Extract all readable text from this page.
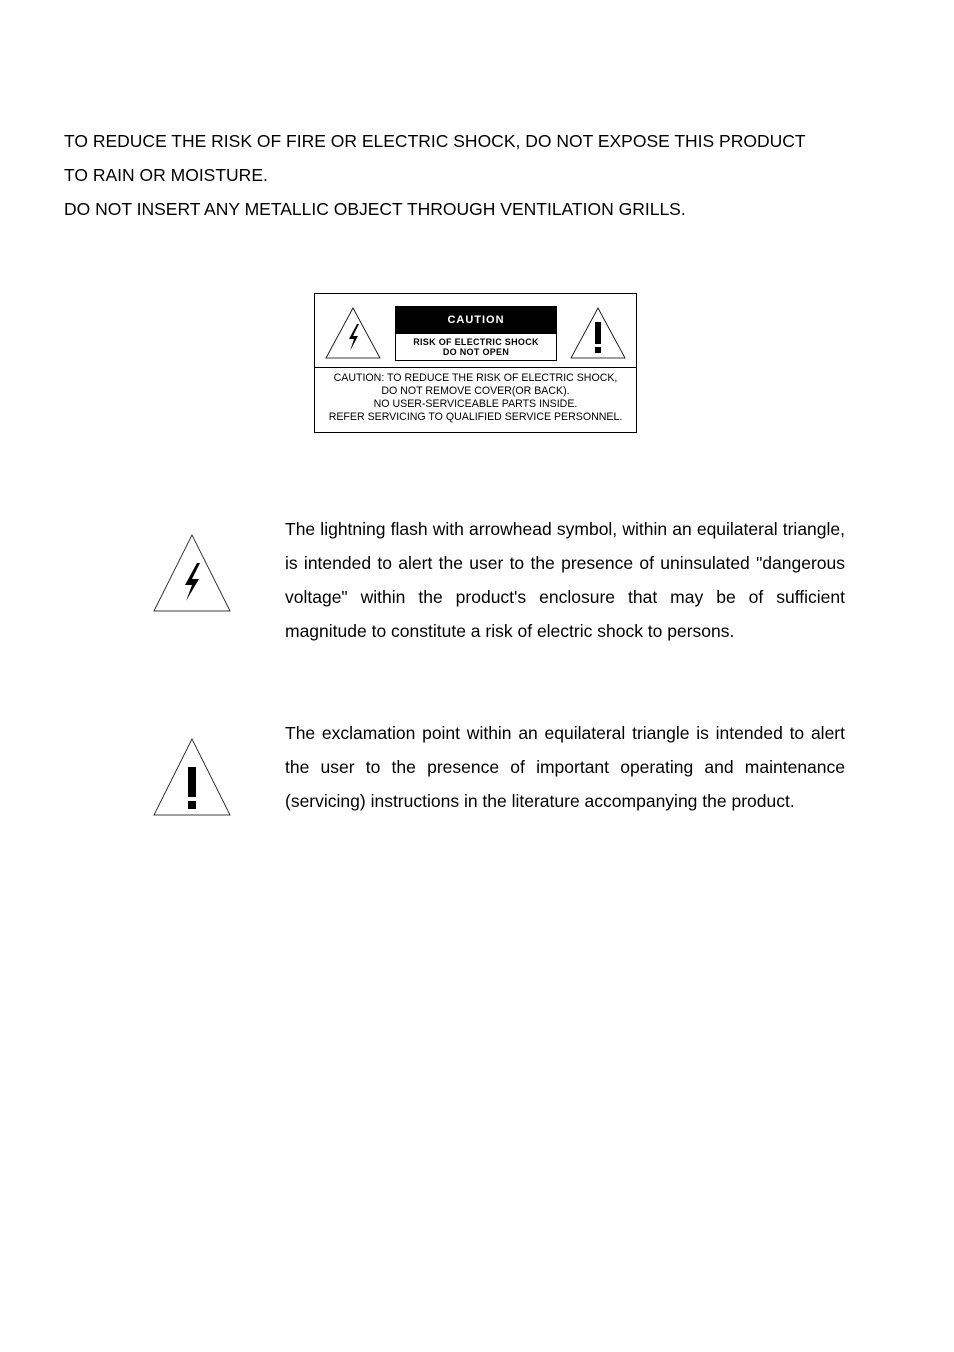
TO REDUCE THE RISK OF FIRE OR ELECTRIC SHOCK, DO NOT EXPOSE THIS PRODUCT
TO RAIN OR MOISTURE.
DO NOT INSERT ANY METALLIC OBJECT THROUGH VENTILATION GRILLS.
CAUTION
RISK OF ELECTRIC SHOCK
DO NOT OPEN
CAUTION: TO REDUCE THE RISK OF ELECTRIC SHOCK,
DO NOT REMOVE COVER(OR BACK).
NO USER-SERVICEABLE PARTS INSIDE.
REFER SERVICING TO QUALIFIED SERVICE PERSONNEL.

The lightning flash with arrowhead symbol, within an equilateral triangle, is intended to alert the user to the presence of uninsulated "dangerous voltage" within the product's enclosure that may be of sufficient magnitude to constitute a risk of electric shock to persons.

The exclamation point within an equilateral triangle is intended to alert the user to the presence of important operating and maintenance (servicing) instructions in the literature accompanying the product.
